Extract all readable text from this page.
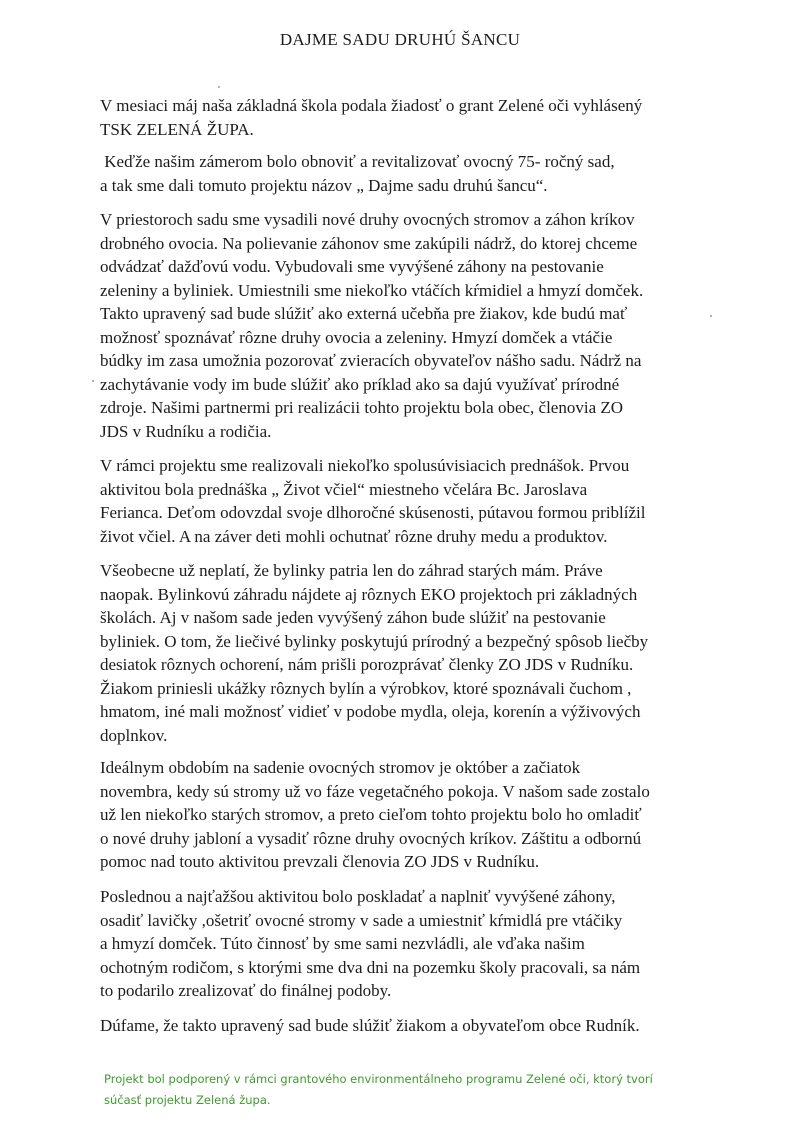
DAJME SADU DRUHÚ ŠANCU
V mesiaci máj naša základná škola podala žiadosť o grant Zelené oči vyhlásený
TSK ZELENÁ ŽUPA.
Keďže našim zámerom bolo obnoviť a revitalizovať ovocný 75- ročný sad,
a tak sme dali tomuto projektu názov „ Dajme sadu druhú šancu“.
V priestoroch sadu sme vysadili nové druhy ovocných stromov a záhon kríkov
drobného ovocia. Na polievanie záhonov sme zakúpili nádrž, do ktorej chceme
odvádzať dažďovú vodu. Vybudovali sme vyvýšené záhony na pestovanie
zeleniny a byliniek. Umiestnili sme niekoľko vtáčích kŕmidiel a hmyzí domček.
Takto upravený sad bude slúžiť ako externá učebňa pre žiakov, kde budú mať
možnosť spoznávať rôzne druhy ovocia a zeleniny. Hmyzí domček a vtáčie
búdky im zasa umožnia pozorovať zvieracích obyvateľov nášho sadu. Nádrž na
zachytávanie vody im bude slúžiť ako príklad ako sa dajú využívať prírodné
zdroje. Našimi partnermi pri realizácii tohto projektu bola obec, členovia ZO
JDS v Rudníku a rodičia.
V rámci projektu sme realizovali niekoľko spolusúvisiacich prednášok. Prvou
aktivitou bola prednáška „ Život včiel“ miestneho včelára Bc. Jaroslava
Ferianca. Deťom odovzdal svoje dlhoročné skúsenosti, pútavou formou priblížil
život včiel. A na záver deti mohli ochutnať rôzne druhy medu a produktov.
Všeobecne už neplatí, že bylinky patria len do záhrad starých mám. Práve
naopak. Bylinkovú záhradu nájdete aj rôznych EKO projektoch pri základných
školách. Aj v našom sade jeden vyvýšený záhon bude slúžiť na pestovanie
byliniek. O tom, že liečivé bylinky poskytujú prírodný a bezpečný spôsob liečby
desiatok rôznych ochorení, nám prišli porozprávať členky ZO JDS v Rudníku.
Žiakom priniesli ukážky rôznych bylín a výrobkov, ktoré spoznávali čuchom ,
hmatom, iné mali možnosť vidieť v podobe mydla, oleja, korenín a výživových
doplnkov.
Ideálnym obdobím na sadenie ovocných stromov je október a začiatok
novembra, kedy sú stromy už vo fáze vegetačného pokoja. V našom sade zostalo
už len niekoľko starých stromov, a preto cieľom tohto projektu bolo ho omladiť
o nové druhy jabloní a vysadiť rôzne druhy ovocných kríkov. Záštitu a odbornú
pomoc nad touto aktivitou prevzali členovia ZO JDS v Rudníku.
Poslednou a najťažšou aktivitou bolo poskladať a naplniť vyvýšené záhony,
osadiť lavičky ,ošetriť ovocné stromy v sade a umiestniť kŕmidlá pre vtáčiky
a hmyzí domček. Túto činnosť by sme sami nezvládli, ale vďaka našim
ochotným rodičom, s ktorými sme dva dni na pozemku školy pracovali, sa nám
to podarilo zrealizovať do finálnej podoby.
Dúfame, že takto upravený sad bude slúžiť žiakom a obyvateľom obce Rudník.
Projekt bol podporený v rámci grantového environmentálneho programu Zelené oči, ktorý tvorí
súčasť projektu Zelená župa.
